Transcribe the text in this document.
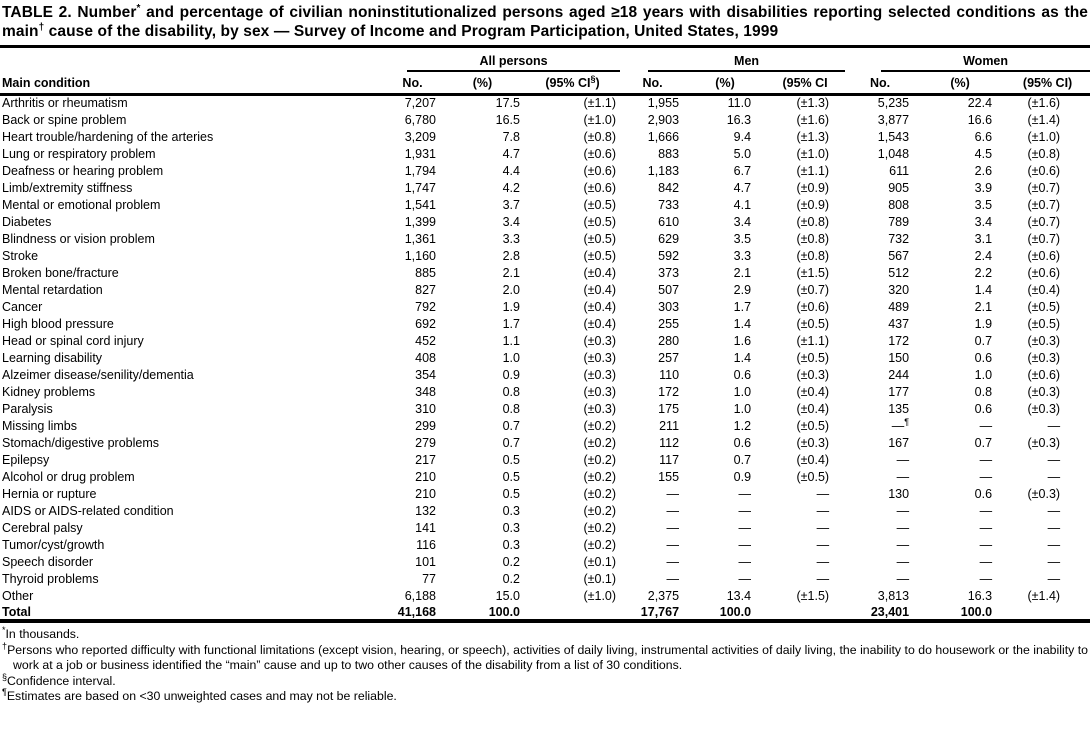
TABLE 2. Number* and percentage of civilian noninstitutionalized persons aged ≥18 years with disabilities reporting selected conditions as the main† cause of the disability, by sex — Survey of Income and Program Participation, United States, 1999

	All persons			Men			Women		

Main condition	No.	(%)	(95% CI§)	No.	(%)	(95% CI	No.	(%)	(95% CI)
Arthritis or rheumatism	7,207	17.5	(±1.1)	1,955	11.0	(±1.3)	5,235	22.4	(±1.6)
Back or spine problem	6,780	16.5	(±1.0)	2,903	16.3	(±1.6)	3,877	16.6	(±1.4)
Heart trouble/hardening of the arteries	3,209	7.8	(±0.8)	1,666	9.4	(±1.3)	1,543	6.6	(±1.0)
Lung or respiratory problem	1,931	4.7	(±0.6)	883	5.0	(±1.0)	1,048	4.5	(±0.8)
Deafness or hearing problem	1,794	4.4	(±0.6)	1,183	6.7	(±1.1)	611	2.6	(±0.6)
Limb/extremity stiffness	1,747	4.2	(±0.6)	842	4.7	(±0.9)	905	3.9	(±0.7)
Mental or emotional problem	1,541	3.7	(±0.5)	733	4.1	(±0.9)	808	3.5	(±0.7)
Diabetes	1,399	3.4	(±0.5)	610	3.4	(±0.8)	789	3.4	(±0.7)
Blindness or vision problem	1,361	3.3	(±0.5)	629	3.5	(±0.8)	732	3.1	(±0.7)
Stroke	1,160	2.8	(±0.5)	592	3.3	(±0.8)	567	2.4	(±0.6)
Broken bone/fracture	885	2.1	(±0.4)	373	2.1	(±1.5)	512	2.2	(±0.6)
Mental retardation	827	2.0	(±0.4)	507	2.9	(±0.7)	320	1.4	(±0.4)
Cancer	792	1.9	(±0.4)	303	1.7	(±0.6)	489	2.1	(±0.5)
High blood pressure	692	1.7	(±0.4)	255	1.4	(±0.5)	437	1.9	(±0.5)
Head or spinal cord injury	452	1.1	(±0.3)	280	1.6	(±1.1)	172	0.7	(±0.3)
Learning disability	408	1.0	(±0.3)	257	1.4	(±0.5)	150	0.6	(±0.3)
Alzeimer disease/senility/dementia	354	0.9	(±0.3)	110	0.6	(±0.3)	244	1.0	(±0.6)
Kidney problems	348	0.8	(±0.3)	172	1.0	(±0.4)	177	0.8	(±0.3)
Paralysis	310	0.8	(±0.3)	175	1.0	(±0.4)	135	0.6	(±0.3)
Missing limbs	299	0.7	(±0.2)	211	1.2	(±0.5)	—¶	—	—
Stomach/digestive problems	279	0.7	(±0.2)	112	0.6	(±0.3)	167	0.7	(±0.3)
Epilepsy	217	0.5	(±0.2)	117	0.7	(±0.4)	—	—	—
Alcohol or drug problem	210	0.5	(±0.2)	155	0.9	(±0.5)	—	—	—
Hernia or rupture	210	0.5	(±0.2)	—	—	—	130	0.6	(±0.3)
AIDS or AIDS-related condition	132	0.3	(±0.2)	—	—	—	—	—	—
Cerebral palsy	141	0.3	(±0.2)	—	—	—	—	—	—
Tumor/cyst/growth	116	0.3	(±0.2)	—	—	—	—	—	—
Speech disorder	101	0.2	(±0.1)	—	—	—	—	—	—
Thyroid problems	77	0.2	(±0.1)	—	—	—	—	—	—
Other	6,188	15.0	(±1.0)	2,375	13.4	(±1.5)	3,813	16.3	(±1.4)
Total	41,168	100.0		17,767	100.0		23,401	100.0	

*In thousands.

†Persons who reported difficulty with functional limitations (except vision, hearing, or speech), activities of daily living, instrumental activities of daily living, the inability to do housework or the inability to work at a job or business identified the “main” cause and up to two other causes of the disability from a list of 30 conditions.

§Confidence interval.

¶Estimates are based on <30 unweighted cases and may not be reliable.
